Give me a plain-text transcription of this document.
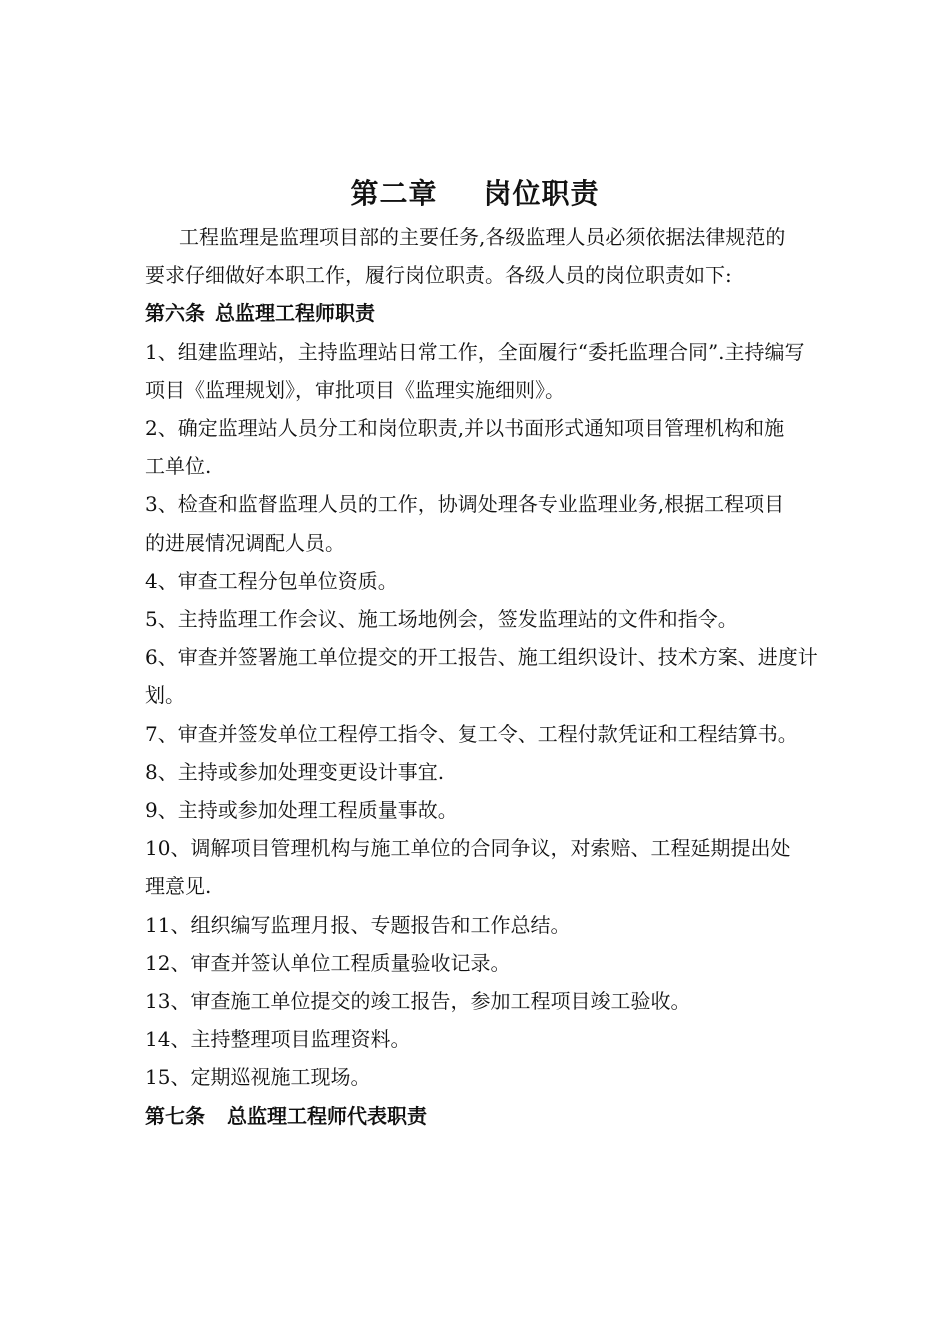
第二章 岗位职责

工程监理是监理项目部的主要任务,各级监理人员必须依据法律规范的要求仔细做好本职工作，履行岗位职责。各级人员的岗位职责如下:

第六条 总监理工程师职责

1、组建监理站，主持监理站日常工作，全面履行“委托监理合同”.主持编写项目《监理规划》，审批项目《监理实施细则》。

2、确定监理站人员分工和岗位职责,并以书面形式通知项目管理机构和施工单位.

3、检查和监督监理人员的工作，协调处理各专业监理业务,根据工程项目的进展情况调配人员。

4、审查工程分包单位资质。

5、主持监理工作会议、施工场地例会，签发监理站的文件和指令。

6、审查并签署施工单位提交的开工报告、施工组织设计、技术方案、进度计划。

7、审查并签发单位工程停工指令、复工令、工程付款凭证和工程结算书。

8、主持或参加处理变更设计事宜.

9、主持或参加处理工程质量事故。

10、调解项目管理机构与施工单位的合同争议，对索赔、工程延期提出处理意见.

11、组织编写监理月报、专题报告和工作总结。

12、审查并签认单位工程质量验收记录。

13、审查施工单位提交的竣工报告，参加工程项目竣工验收。

14、主持整理项目监理资料。

15、定期巡视施工现场。

第七条 总监理工程师代表职责
